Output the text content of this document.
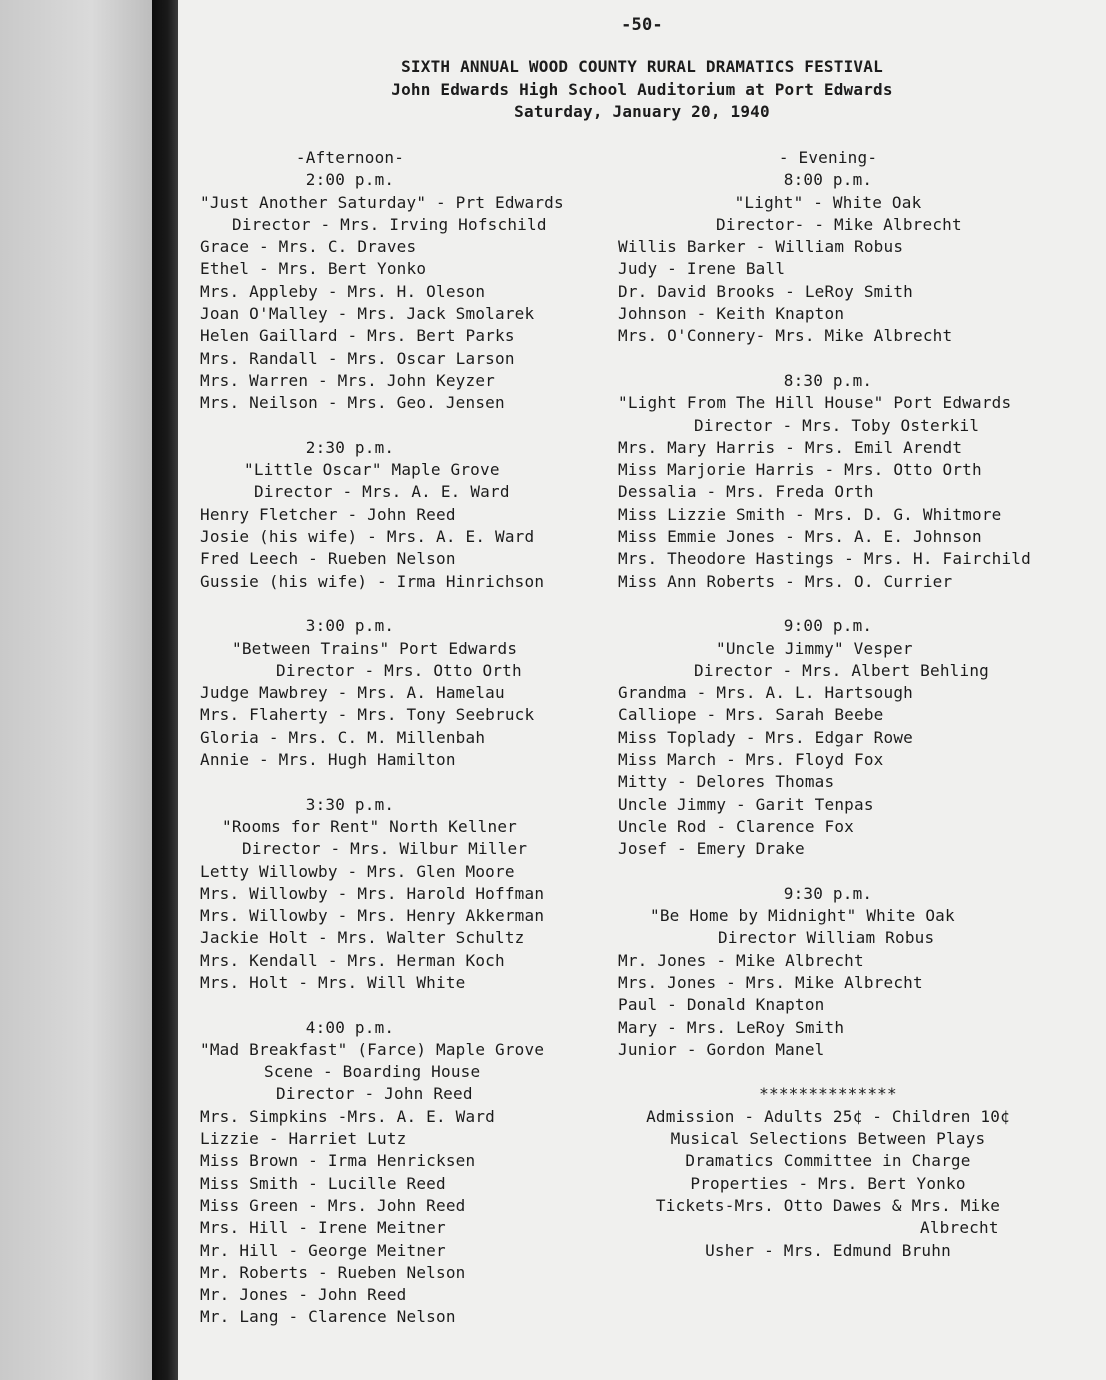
-50-
SIXTH ANNUAL WOOD COUNTY RURAL DRAMATICS FESTIVAL
John Edwards High School Auditorium at Port Edwards
Saturday, January 20, 1940
-Afternoon-
2:00 p.m.
"Just Another Saturday" - Prt Edwards
Director - Mrs. Irving Hofschild
Grace - Mrs. C. Draves
Ethel - Mrs. Bert Yonko
Mrs. Appleby - Mrs. H. Oleson
Joan O'Malley - Mrs. Jack Smolarek
Helen Gaillard - Mrs. Bert Parks
Mrs. Randall - Mrs. Oscar Larson
Mrs. Warren - Mrs. John Keyzer
Mrs. Neilson - Mrs. Geo. Jensen
2:30 p.m.
"Little Oscar" Maple Grove
Director - Mrs. A. E. Ward
Henry Fletcher - John Reed
Josie (his wife) - Mrs. A. E. Ward
Fred Leech - Rueben Nelson
Gussie (his wife) - Irma Hinrichson
3:00 p.m.
"Between Trains" Port Edwards
Director - Mrs. Otto Orth
Judge Mawbrey - Mrs. A. Hamelau
Mrs. Flaherty - Mrs. Tony Seebruck
Gloria - Mrs. C. M. Millenbah
Annie - Mrs. Hugh Hamilton
3:30 p.m.
"Rooms for Rent" North Kellner
Director - Mrs. Wilbur Miller
Letty Willowby - Mrs. Glen Moore
Mrs. Willowby - Mrs. Harold Hoffman
Mrs. Willowby - Mrs. Henry Akkerman
Jackie Holt - Mrs. Walter Schultz
Mrs. Kendall - Mrs. Herman Koch
Mrs. Holt - Mrs. Will White
4:00 p.m.
"Mad Breakfast" (Farce) Maple Grove
Scene - Boarding House
Director - John Reed
Mrs. Simpkins -Mrs. A. E. Ward
Lizzie - Harriet Lutz
Miss Brown - Irma Henricksen
Miss Smith - Lucille Reed
Miss Green - Mrs. John Reed
Mrs. Hill - Irene Meitner
Mr. Hill - George Meitner
Mr. Roberts - Rueben Nelson
Mr. Jones - John Reed
Mr. Lang - Clarence Nelson
- Evening-
8:00 p.m.
"Light" - White Oak
Director- - Mike Albrecht
Willis Barker - William Robus
Judy - Irene Ball
Dr. David Brooks - LeRoy Smith
Johnson - Keith Knapton
Mrs. O'Connery- Mrs. Mike Albrecht
8:30 p.m.
"Light From The Hill House" Port Edwards
Director - Mrs. Toby Osterkil
Mrs. Mary Harris - Mrs. Emil Arendt
Miss Marjorie Harris - Mrs. Otto Orth
Dessalia - Mrs. Freda Orth
Miss Lizzie Smith - Mrs. D. G. Whitmore
Miss Emmie Jones - Mrs. A. E. Johnson
Mrs. Theodore Hastings - Mrs. H. Fairchild
Miss Ann Roberts - Mrs. O. Currier
9:00 p.m.
"Uncle Jimmy" Vesper
Director - Mrs. Albert Behling
Grandma - Mrs. A. L. Hartsough
Calliope - Mrs. Sarah Beebe
Miss Toplady - Mrs. Edgar Rowe
Miss March - Mrs. Floyd Fox
Mitty - Delores Thomas
Uncle Jimmy - Garit Tenpas
Uncle Rod - Clarence Fox
Josef - Emery Drake
9:30 p.m.
"Be Home by Midnight" White Oak
Director William Robus
Mr. Jones - Mike Albrecht
Mrs. Jones - Mrs. Mike Albrecht
Paul - Donald Knapton
Mary - Mrs. LeRoy Smith
Junior - Gordon Manel
**************
Admission - Adults 25¢ - Children 10¢
Musical Selections Between Plays
Dramatics Committee in Charge
Properties - Mrs. Bert Yonko
Tickets-Mrs. Otto Dawes & Mrs. Mike
Albrecht
Usher - Mrs. Edmund Bruhn
